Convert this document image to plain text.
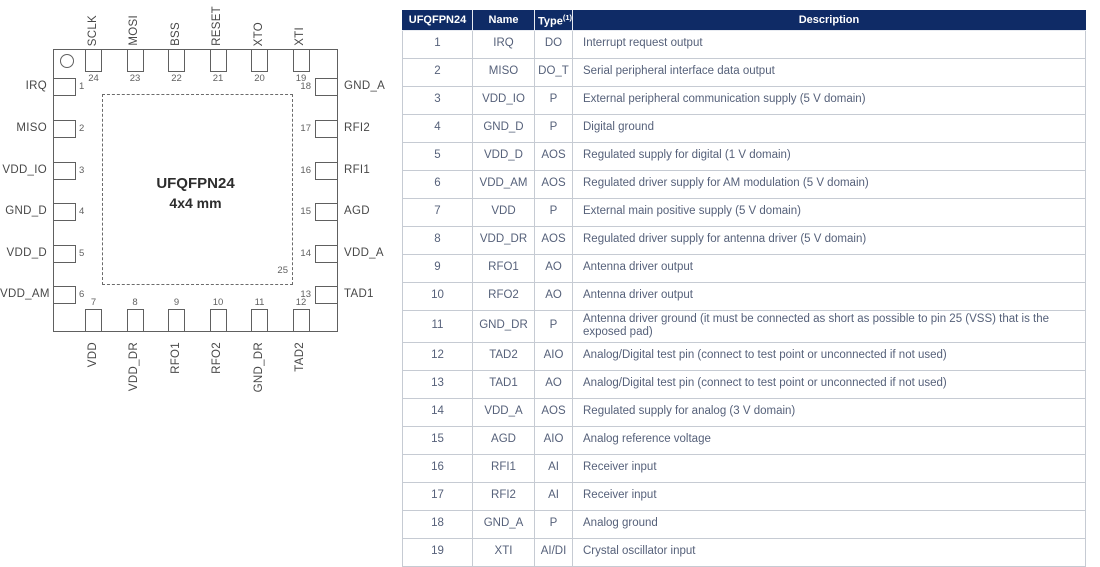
25
UFQFPN24
4x4 mm
24
SCLK
23
MOSI
22
BSS
21
RESET
20
XTO
19
XTI
7
VDD
8
VDD_DR
9
RFO1
10
RFO2
11
GND_DR
12
TAD2
1
IRQ
2
MISO
3
VDD_IO
4
GND_D
5
VDD_D
6
VDD_AM
18	GND_A
17	RFI2
16	RFI1
15	AGD
14	VDD_A
13	TAD1
UFQFPN24	Name	Type$^{(1)}$	Description
1	IRQ	DO	Interrupt request output
2	MISO	DO_T	Serial peripheral interface data output
3	VDD_IO	P	External peripheral communication supply (5 V domain)
4	GND_D	P	Digital ground
5	VDD_D	AOS	Regulated supply for digital (1 V domain)
6	VDD_AM	AOS	Regulated driver supply for AM modulation (5 V domain)
7	VDD	P	External main positive supply (5 V domain)
8	VDD_DR	AOS	Regulated driver supply for antenna driver (5 V domain)
9	RFO1	AO	Antenna driver output
10	RFO2	AO	Antenna driver output
11	GND_DR	P	Antenna driver ground (it must be connected as short as possible to pin 25 (VSS) that is the exposed pad)
12	TAD2	AIO	Analog/Digital test pin (connect to test point or unconnected if not used)
13	TAD1	AO	Analog/Digital test pin (connect to test point or unconnected if not used)
14	VDD_A	AOS	Regulated supply for analog (3 V domain)
15	AGD	AIO	Analog reference voltage
16	RFI1	AI	Receiver input
17	RFI2	AI	Receiver input
18	GND_A	P	Analog ground
19	XTI	AI/DI	Crystal oscillator input
